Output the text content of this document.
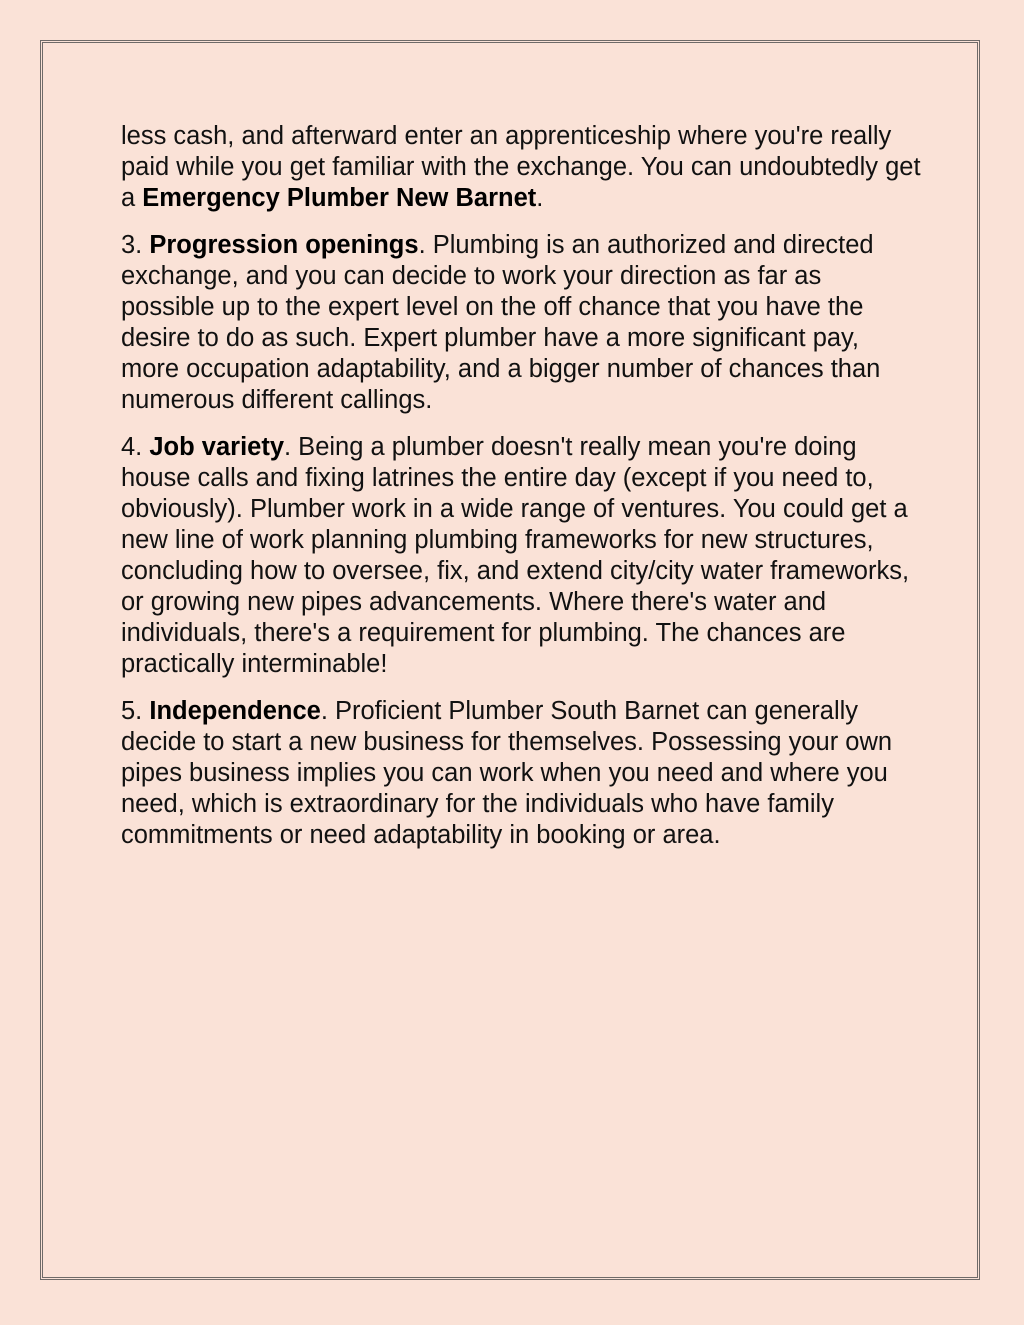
less cash, and afterward enter an apprenticeship where you're really paid while you get familiar with the exchange. You can undoubtedly get a Emergency Plumber New Barnet.

3. Progression openings. Plumbing is an authorized and directed exchange, and you can decide to work your direction as far as possible up to the expert level on the off chance that you have the desire to do as such. Expert plumber have a more significant pay, more occupation adaptability, and a bigger number of chances than numerous different callings.

4. Job variety. Being a plumber doesn't really mean you're doing house calls and fixing latrines the entire day (except if you need to, obviously). Plumber work in a wide range of ventures. You could get a new line of work planning plumbing frameworks for new structures, concluding how to oversee, fix, and extend city/city water frameworks, or growing new pipes advancements. Where there's water and individuals, there's a requirement for plumbing. The chances are practically interminable!

5. Independence. Proficient Plumber South Barnet can generally decide to start a new business for themselves. Possessing your own pipes business implies you can work when you need and where you need, which is extraordinary for the individuals who have family commitments or need adaptability in booking or area.
